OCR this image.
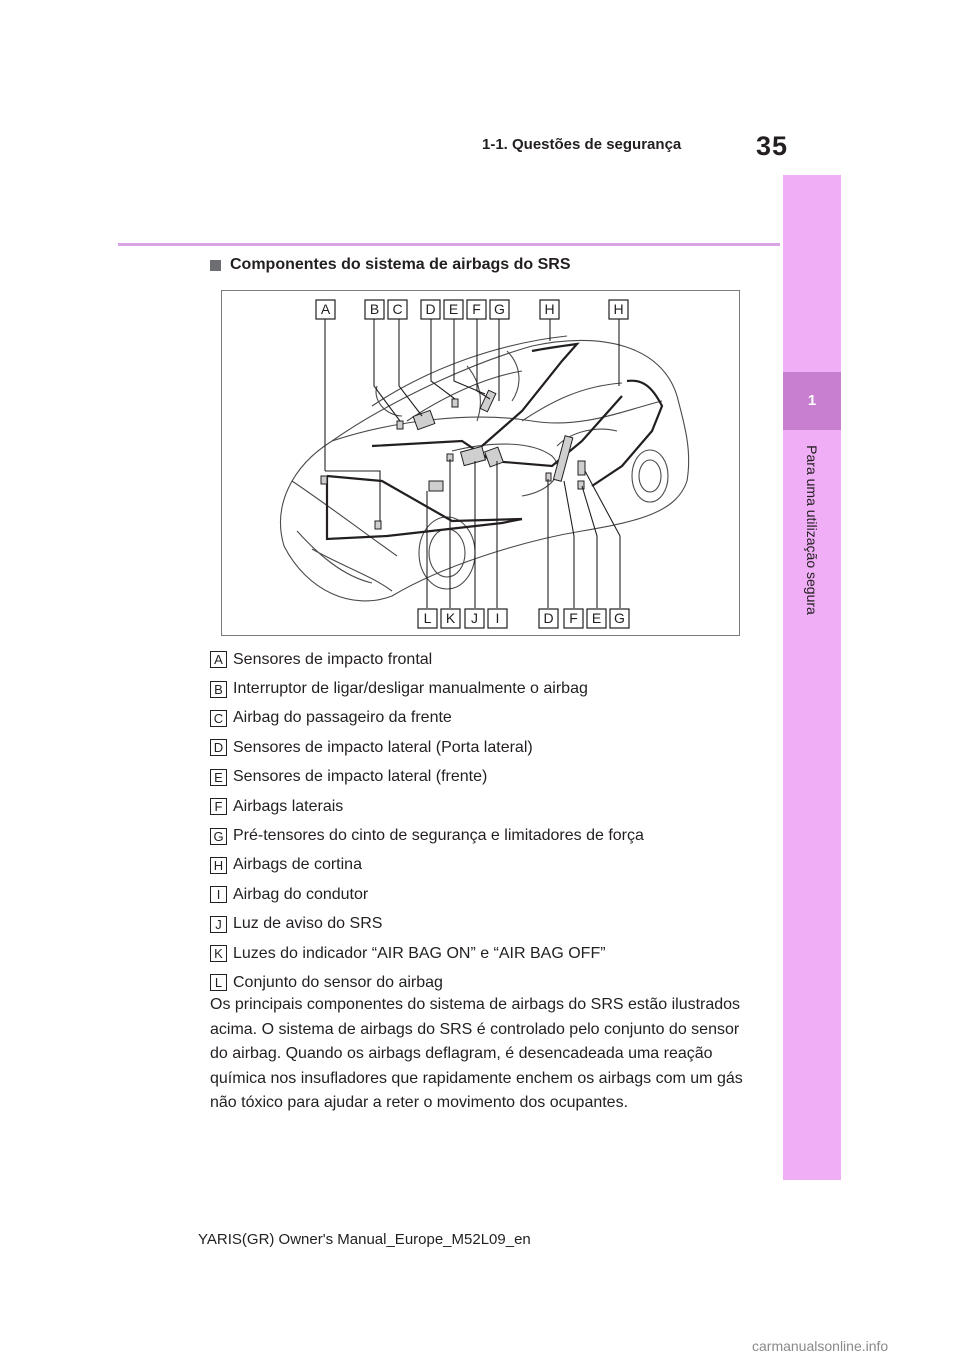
1
Para uma utilização segura
35
1-1. Questões de segurança
Componentes do sistema de airbags do SRS
A	B C D E F G	H	H
L K J I	D F E G
A Sensores de impacto frontal
B Interruptor de ligar/desligar manualmente o airbag
C Airbag do passageiro da frente
D Sensores de impacto lateral (Porta lateral)
E Sensores de impacto lateral (frente)
F Airbags laterais
G Pré-tensores do cinto de segurança e limitadores de força
H Airbags de cortina
I Airbag do condutor
J Luz de aviso do SRS
K Luzes do indicador “AIR BAG ON” e “AIR BAG OFF”
L Conjunto do sensor do airbag
Os principais componentes do sistema de airbags do SRS estão ilustrados acima. O sistema de airbags do SRS é controlado pelo conjunto do sensor do airbag. Quando os airbags deflagram, é desencadeada uma reação química nos insufladores que rapidamente enchem os airbags com um gás não tóxico para ajudar a reter o movimento dos ocupantes.
YARIS(GR) Owner's Manual_Europe_M52L09_en
carmanualsonline.info
